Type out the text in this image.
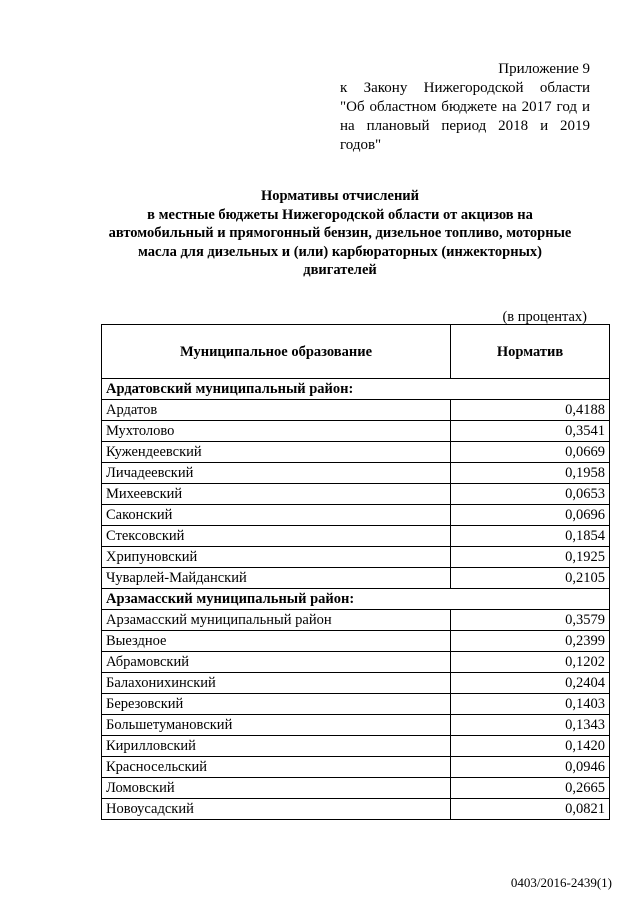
Приложение 9
к Закону Нижегородской области
"Об областном бюджете на 2017 год и
на плановый период 2018 и 2019
годов"
Нормативы отчислений
в местные бюджеты Нижегородской области от акцизов на
автомобильный и прямогонный бензин, дизельное топливо, моторные
масла для дизельных и (или) карбюраторных (инжекторных)
двигателей
(в процентах)
Муниципальное образование	Норматив
Ардатовский муниципальный район:	
Ардатов	0,4188
Мухтолово	0,3541
Кужендеевский	0,0669
Личадеевский	0,1958
Михеевский	0,0653
Саконский	0,0696
Стексовский	0,1854
Хрипуновский	0,1925
Чуварлей-Майданский	0,2105
Арзамасский муниципальный район:	
Арзамасский муниципальный район	0,3579
Выездное	0,2399
Абрамовский	0,1202
Балахонихинский	0,2404
Березовский	0,1403
Большетумановский	0,1343
Кирилловский	0,1420
Красносельский	0,0946
Ломовский	0,2665
Новоусадский	0,0821
0403/2016-2439(1)
